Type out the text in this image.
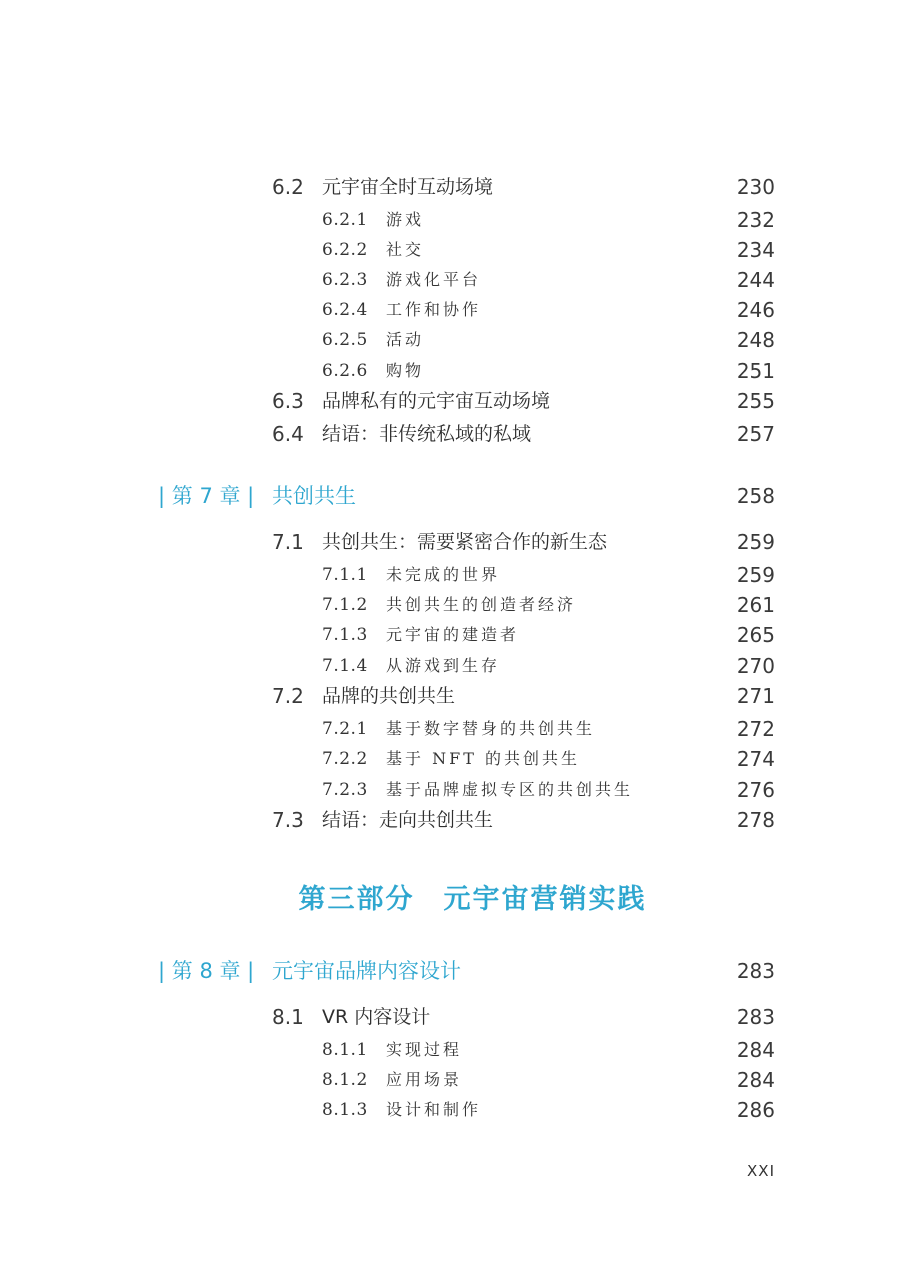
6.2 元宇宙全时互动场境	230
6.2.1 游戏	232
6.2.2 社交	234
6.2.3 游戏化平台	244
6.2.4 工作和协作	246
6.2.5 活动	248
6.2.6 购物	251
6.3 品牌私有的元宇宙互动场境	255
6.4 结语：非传统私域的私域	257
| 第 7 章 | 共创共生	258
7.1 共创共生：需要紧密合作的新生态	259
7.1.1 未完成的世界	259
7.1.2 共创共生的创造者经济	261
7.1.3 元宇宙的建造者	265
7.1.4 从游戏到生存	270
7.2 品牌的共创共生	271
7.2.1 基于数字替身的共创共生	272
7.2.2 基于 NFT 的共创共生	274
7.2.3 基于品牌虚拟专区的共创共生	276
7.3 结语：走向共创共生	278
| 第 8 章 | 元宇宙品牌内容设计	283
8.1 VR 内容设计	283
8.1.1 实现过程	284
8.1.2 应用场景	284
8.1.3 设计和制作	286
第三部分　元宇宙营销实践
XXI
